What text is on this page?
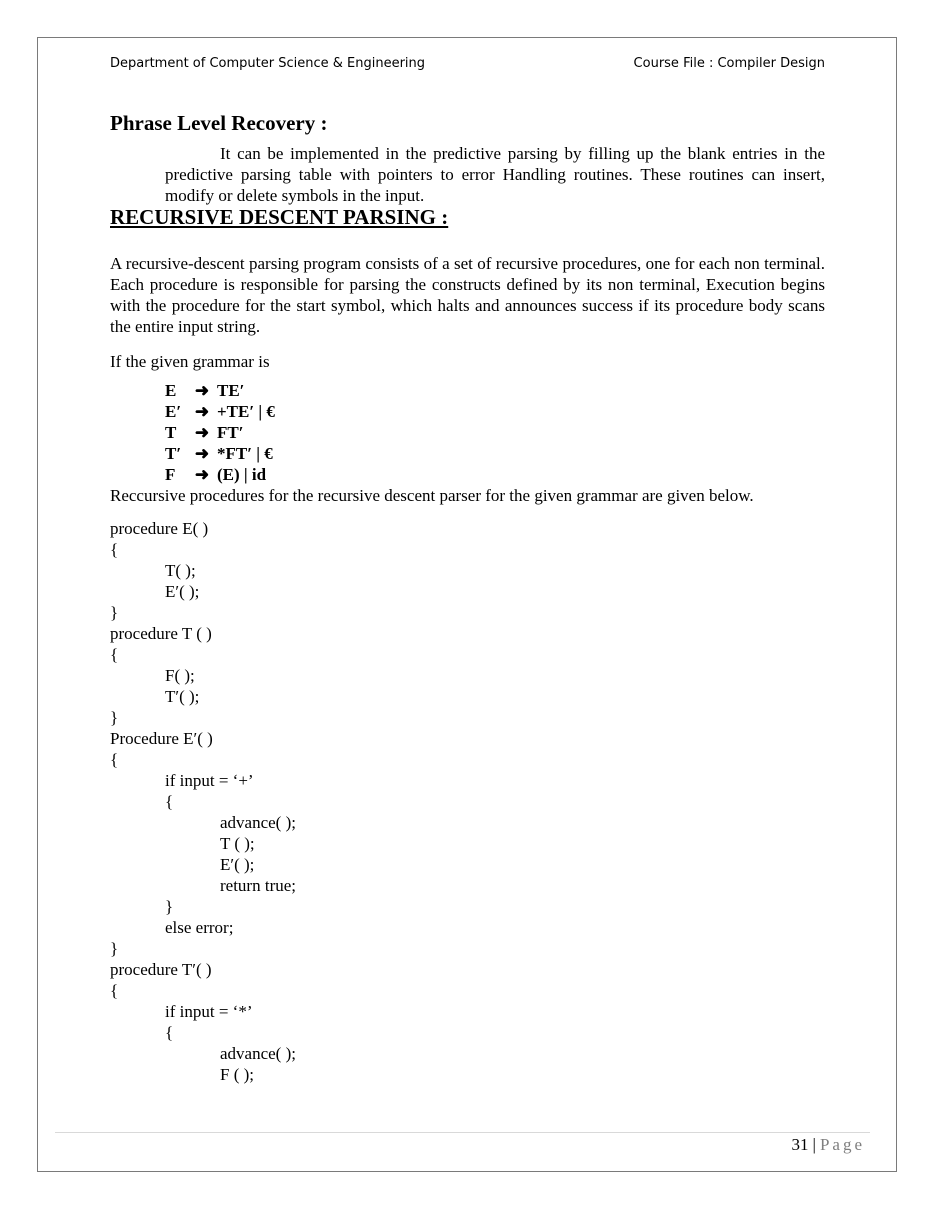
Department of Computer Science & Engineering	Course File : Compiler Design
Phrase Level Recovery :
It can be implemented in the predictive parsing by filling up the blank entries in the predictive parsing table with pointers to error Handling routines. These routines can insert, modify or delete symbols in the input.
RECURSIVE DESCENT PARSING :
A recursive-descent parsing program consists of a set of recursive procedures, one for each non terminal. Each procedure is responsible for parsing the constructs defined by its non terminal, Execution begins with the procedure for the start symbol, which halts and announces success if its procedure body scans the entire input string.
If the given grammar is
E ➜ TE′
E′ ➜ +TE′ | €
T ➜ FT′
T′ ➜ *FT′ | €
F ➜ (E) | id
Reccursive procedures for the recursive descent parser for the given grammar are given below.
procedure E( )
{
T( );
E′( );
}
procedure T ( )
{
F( );
T′( );
}
Procedure E′( )
{
if input = ‘+’
{
advance( );
T ( );
E′( );
return true;
}
else error;
}
procedure T′( )
{
if input = ‘*’
{
advance( );
F ( );
31 | Page
